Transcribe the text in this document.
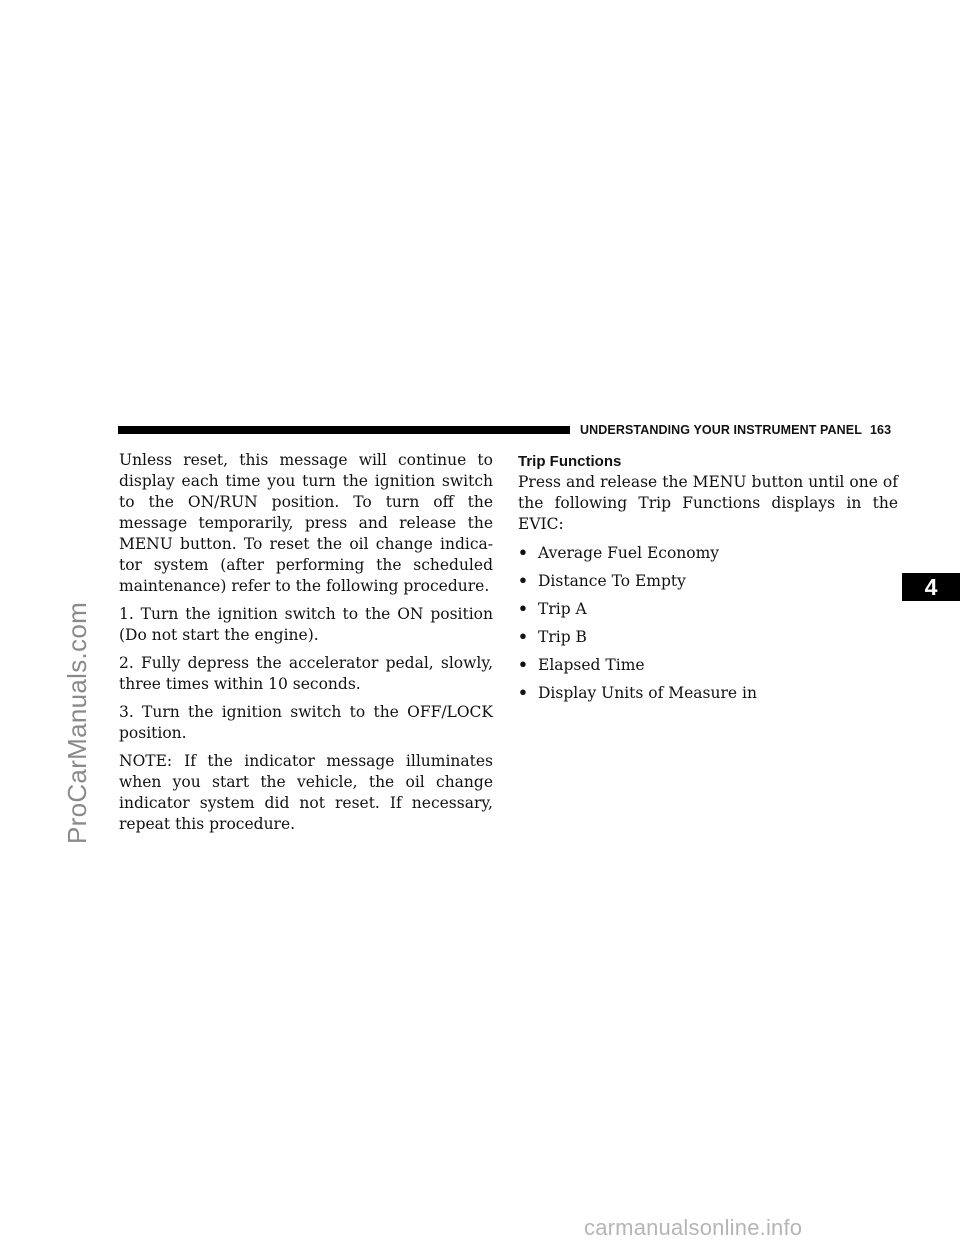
UNDERSTANDING YOUR INSTRUMENT PANEL 163

Unless reset, this message will continue to display each time you turn the ignition switch to the ON/RUN position. To turn off the message temporarily, press and release the MENU button. To reset the oil change indica- tor system (after performing the scheduled maintenance) refer to the following procedure.

1. Turn the ignition switch to the ON position (Do not start the engine).

2. Fully depress the accelerator pedal, slowly, three times within 10 seconds.

3. Turn the ignition switch to the OFF/LOCK position.

NOTE: If the indicator message illuminates when you start the vehicle, the oil change indicator system did not reset. If necessary, repeat this procedure.

Trip Functions

Press and release the MENU button until one of the following Trip Functions displays in the EVIC:

• Average Fuel Economy
• Distance To Empty
• Trip A
• Trip B
• Elapsed Time
• Display Units of Measure in
4
ProCarManuals.com
carmanualsonline.info
